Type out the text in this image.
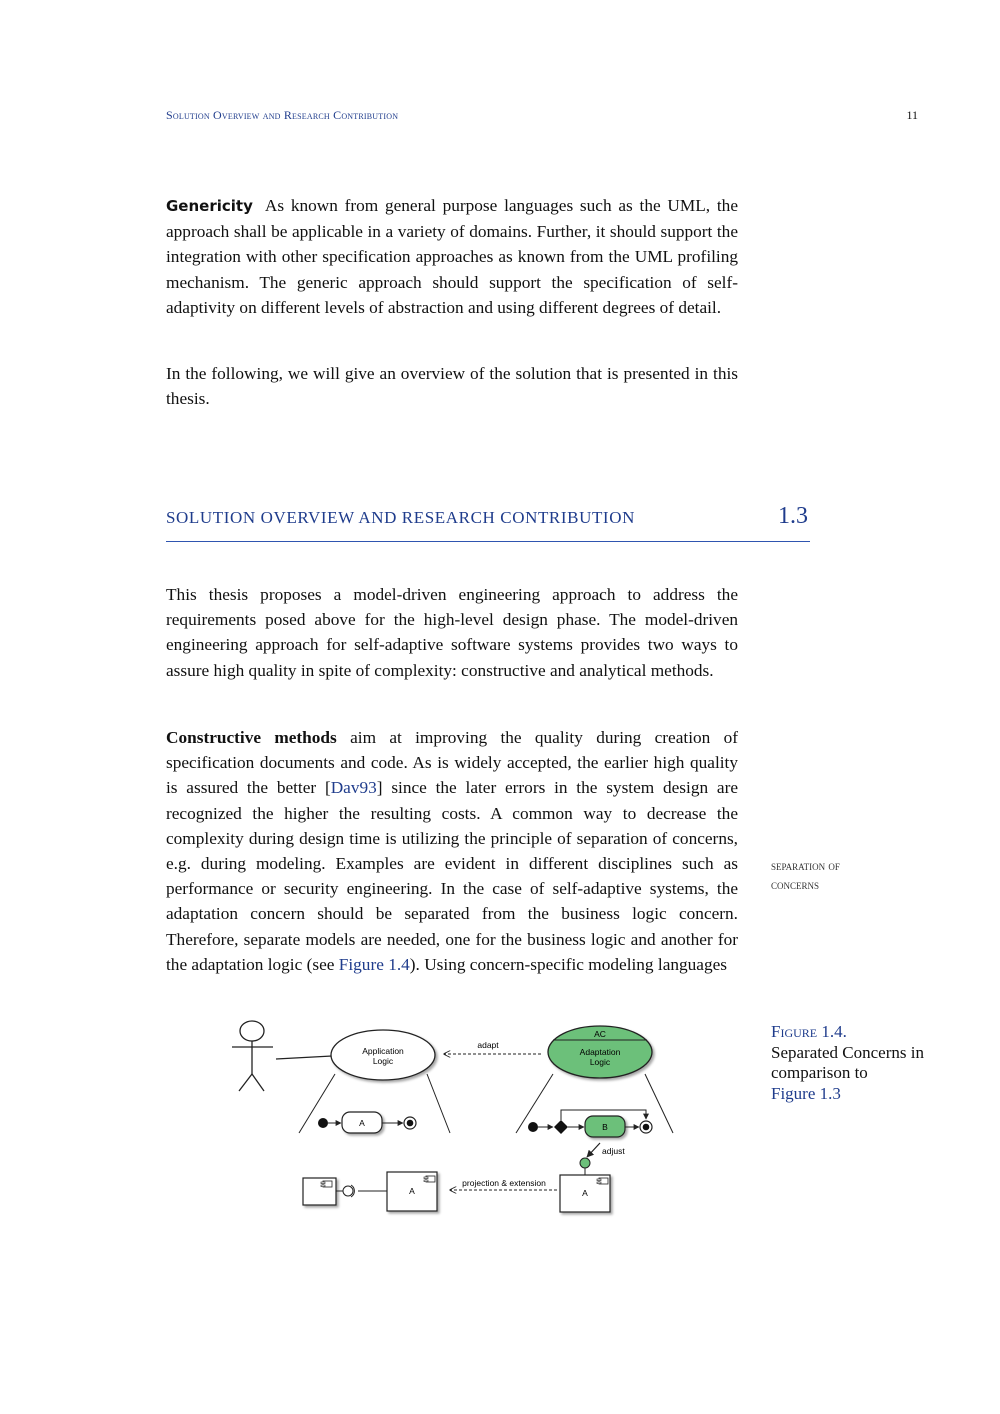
Solution Overview and Research Contribution	11

Genericity As known from general purpose languages such as the UML, the approach shall be applicable in a variety of domains. Further, it should support the integration with other specification approaches as known from the UML profiling mechanism. The generic approach should support the specification of self-adaptivity on different levels of abstraction and using different degrees of detail.

In the following, we will give an overview of the solution that is presented in this thesis.

SOLUTION OVERVIEW AND RESEARCH CONTRIBUTION	1.3

This thesis proposes a model-driven engineering approach to address the requirements posed above for the high-level design phase. The model-driven engineering approach for self-adaptive software systems provides two ways to assure high quality in spite of complexity: constructive and analytical methods.

Constructive methods aim at improving the quality during creation of specification documents and code. As is widely accepted, the earlier high quality is assured the better [Dav93] since the later errors in the system design are recognized the higher the resulting costs. A common way to decrease the complexity during design time is utilizing the principle of separation of concerns, e.g. during modeling. Examples are evident in different disciplines such as performance or security engineering. In the case of self-adaptive systems, the adaptation concern should be separated from the business logic concern. Therefore, separate models are needed, one for the business logic and another for the adaptation logic (see Figure 1.4). Using concern-specific modeling languages

separation of concerns
Application
Logic
adapt
AC
Adaptation
Logic
A	B
adjust
A
projection & extension
A
Figure 1.4.
Separated Concerns in comparison to
Figure 1.3
